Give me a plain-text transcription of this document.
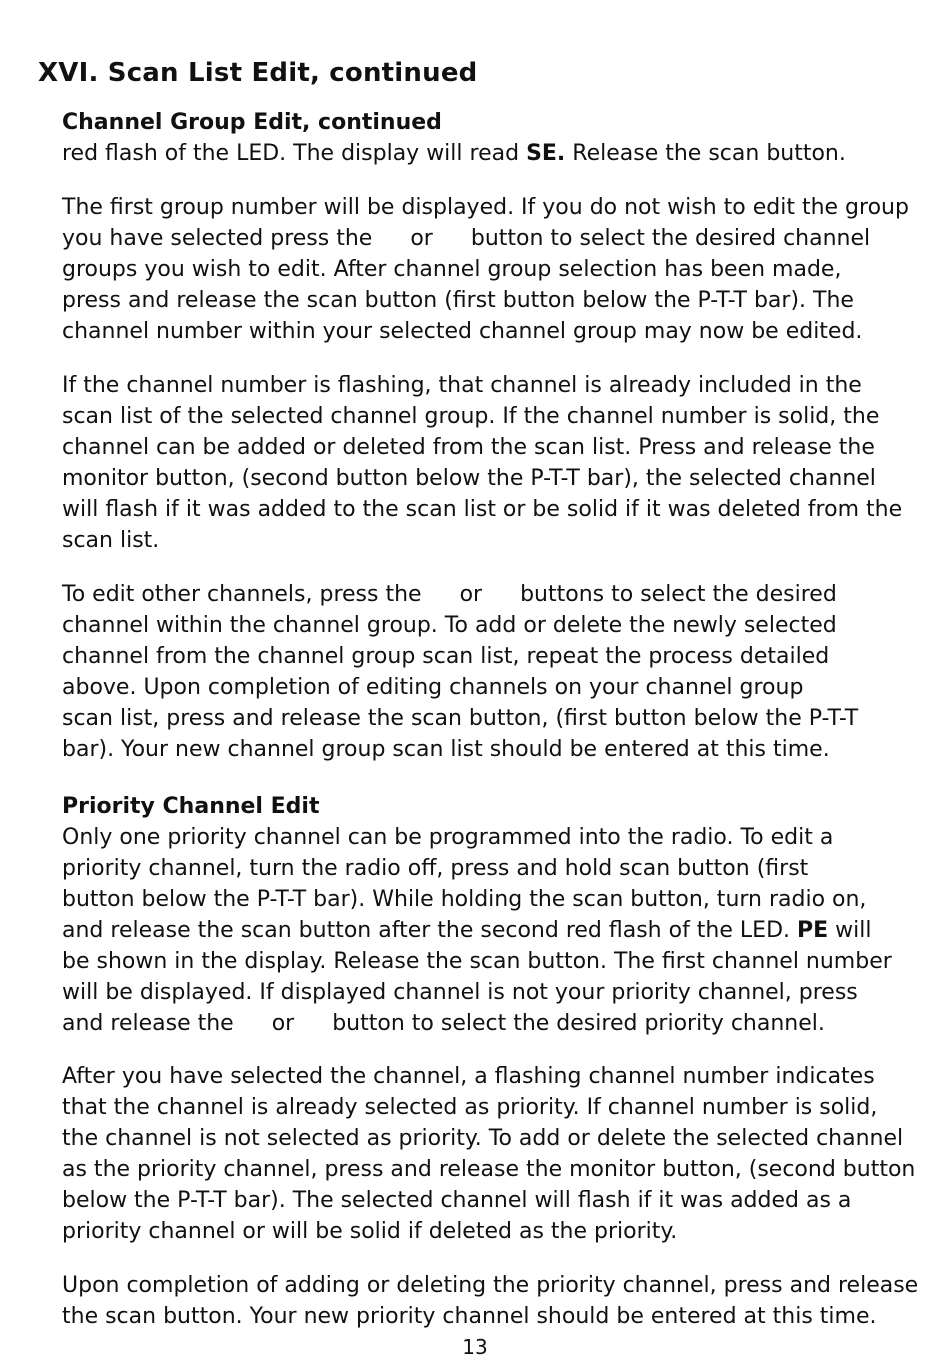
XVI. Scan List Edit, continued
Channel Group Edit, continued
red flash of the LED. The display will read SE. Release the scan button.
The first group number will be displayed. If you do not wish to edit the group
you have selected press the or button to select the desired channel
groups you wish to edit. After channel group selection has been made,
press and release the scan button (first button below the P-T-T bar). The
channel number within your selected channel group may now be edited.
If the channel number is flashing, that channel is already included in the
scan list of the selected channel group. If the channel number is solid, the
channel can be added or deleted from the scan list. Press and release the
monitor button, (second button below the P-T-T bar), the selected channel
will flash if it was added to the scan list or be solid if it was deleted from the
scan list.
To edit other channels, press the or buttons to select the desired
channel within the channel group. To add or delete the newly selected
channel from the channel group scan list, repeat the process detailed
above. Upon completion of editing channels on your channel group
scan list, press and release the scan button, (first button below the P-T-T
bar). Your new channel group scan list should be entered at this time.
Priority Channel Edit
Only one priority channel can be programmed into the radio. To edit a
priority channel, turn the radio off, press and hold scan button (first
button below the P-T-T bar). While holding the scan button, turn radio on,
and release the scan button after the second red flash of the LED. PE will
be shown in the display. Release the scan button. The first channel number
will be displayed. If displayed channel is not your priority channel, press
and release the or button to select the desired priority channel.
After you have selected the channel, a flashing channel number indicates
that the channel is already selected as priority. If channel number is solid,
the channel is not selected as priority. To add or delete the selected channel
as the priority channel, press and release the monitor button, (second button
below the P-T-T bar). The selected channel will flash if it was added as a
priority channel or will be solid if deleted as the priority.
Upon completion of adding or deleting the priority channel, press and release
the scan button. Your new priority channel should be entered at this time.
13
